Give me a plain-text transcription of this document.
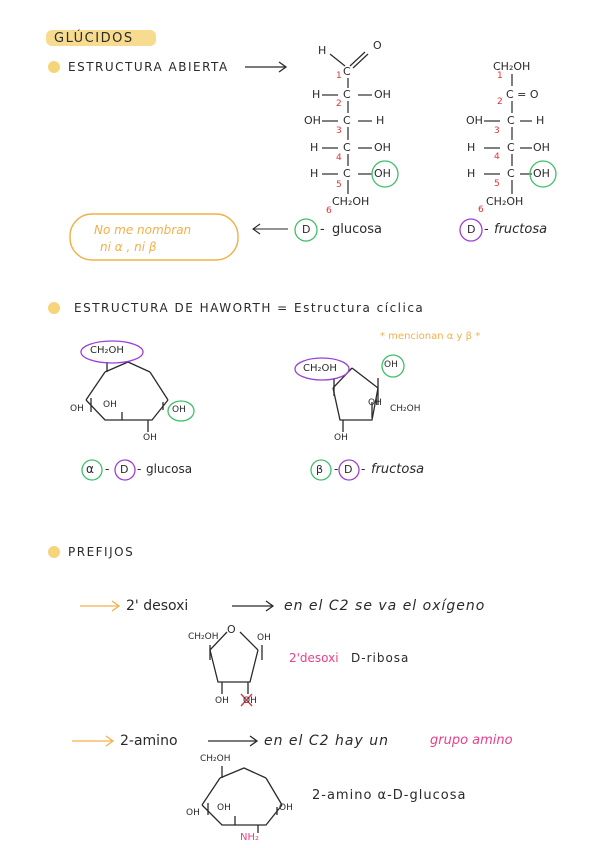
GLÚCIDOS
ESTRUCTURA ABIERTA
H	O
C
H C OH
OH C H
H C OH
H C OH
CH₂OH
1
2
3
4
5
6
D - glucosa
CH₂OH
C = O
OH C H
H	C OH
H	C OH
CH₂OH
1
2
3
4
5
6
D - fructosa
No me nombran
ni α , ni β
ESTRUCTURA DE HAWORTH = Estructura cíclica
* mencionan α y β *
CH₂OH
OH OH	OH
OH
α - D - glucosa
CH₂OH	OH
OH
CH₂OH
OH
β - D - fructosa
PREFIJOS
2' desoxi	en el C2 se va el oxígeno
CH₂OH
O
OH
OH OH
2'desoxi D-ribosa
2-amino	en el C2 hay un	grupo amino
CH₂OH
OH OH	OH
NH₂
2-amino α-D-glucosa
